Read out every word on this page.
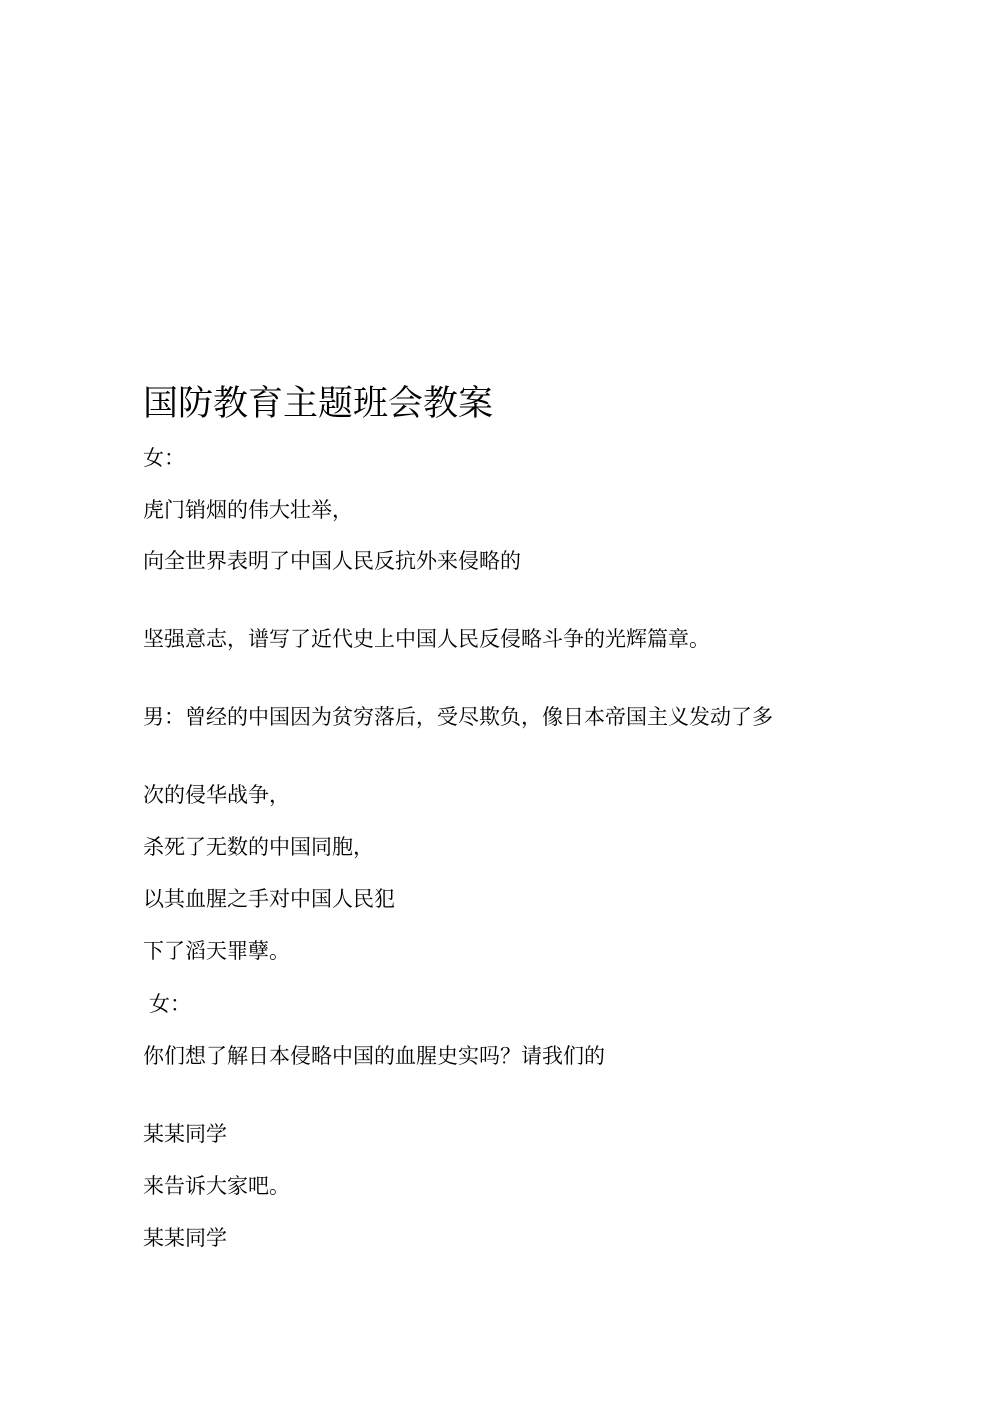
国防教育主题班会教案
女：
虎门销烟的伟大壮举，
向全世界表明了中国人民反抗外来侵略的
坚强意志，谱写了近代史上中国人民反侵略斗争的光辉篇章。
男：曾经的中国因为贫穷落后，受尽欺负，像日本帝国主义发动了多
次的侵华战争，
杀死了无数的中国同胞，
以其血腥之手对中国人民犯
下了滔天罪孽。
女：
你们想了解日本侵略中国的血腥史实吗？请我们的
某某同学
来告诉大家吧。
某某同学
